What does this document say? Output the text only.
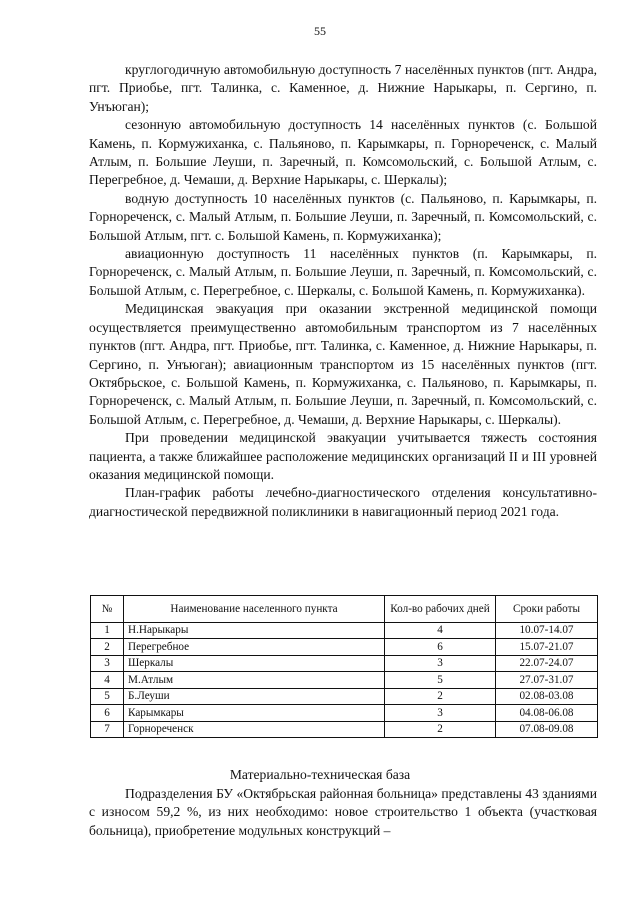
55

круглогодичную автомобильную доступность 7 населённых пунктов (пгт. Андра, пгт. Приобье, пгт. Талинка, с. Каменное, д. Нижние Нарыкары, п. Сергино, п. Унъюган);

сезонную автомобильную доступность 14 населённых пунктов (с. Большой Камень, п. Кормужиханка, с. Пальяново, п. Карымкары, п. Горнореченск, с. Малый Атлым, п. Большие Леуши, п. Заречный, п. Комсомольский, с. Большой Атлым, с. Перегребное, д. Чемаши, д. Верхние Нарыкары, с. Шеркалы);

водную доступность 10 населённых пунктов (с. Пальяново, п. Карымкары, п. Горнореченск, с. Малый Атлым, п. Большие Леуши, п. Заречный, п. Комсомольский, с. Большой Атлым, пгт. с. Большой Камень, п. Кормужиханка);

авиационную доступность 11 населённых пунктов (п. Карымкары, п. Горнореченск, с. Малый Атлым, п. Большие Леуши, п. Заречный, п. Комсомольский, с. Большой Атлым, с. Перегребное, с. Шеркалы, с. Большой Камень, п. Кормужиханка).

Медицинская эвакуация при оказании экстренной медицинской помощи осуществляется преимущественно автомобильным транспортом из 7 населённых пунктов (пгт. Андра, пгт. Приобье, пгт. Талинка, с. Каменное, д. Нижние Нарыкары, п. Сергино, п. Унъюган); авиационным транспортом из 15 населённых пунктов (пгт. Октябрьское, с. Большой Камень, п. Кормужиханка, с. Пальяново, п. Карымкары, п. Горнореченск, с. Малый Атлым, п. Большие Леуши, п. Заречный, п. Комсомольский, с. Большой Атлым, с. Перегребное, д. Чемаши, д. Верхние Нарыкары, с. Шеркалы).

При проведении медицинской эвакуации учитывается тяжесть состояния пациента, а также ближайшее расположение медицинских организаций II и III уровней оказания медицинской помощи.

План-график работы лечебно-диагностического отделения консультативно-диагностической передвижной поликлиники в навигационный период 2021 года.

№	Наименование населенного пункта	Кол-во рабочих дней	Сроки работы
1	Н.Нарыкары	4	10.07-14.07
2	Перегребное	6	15.07-21.07
3	Шеркалы	3	22.07-24.07
4	М.Атлым	5	27.07-31.07
5	Б.Леуши	2	02.08-03.08
6	Карымкары	3	04.08-06.08
7	Горнореченск	2	07.08-09.08
Материально-техническая база

Подразделения БУ «Октябрьская районная больница» представлены 43 зданиями с износом 59,2 %, из них необходимо: новое строительство 1 объекта (участковая больница), приобретение модульных конструкций –
